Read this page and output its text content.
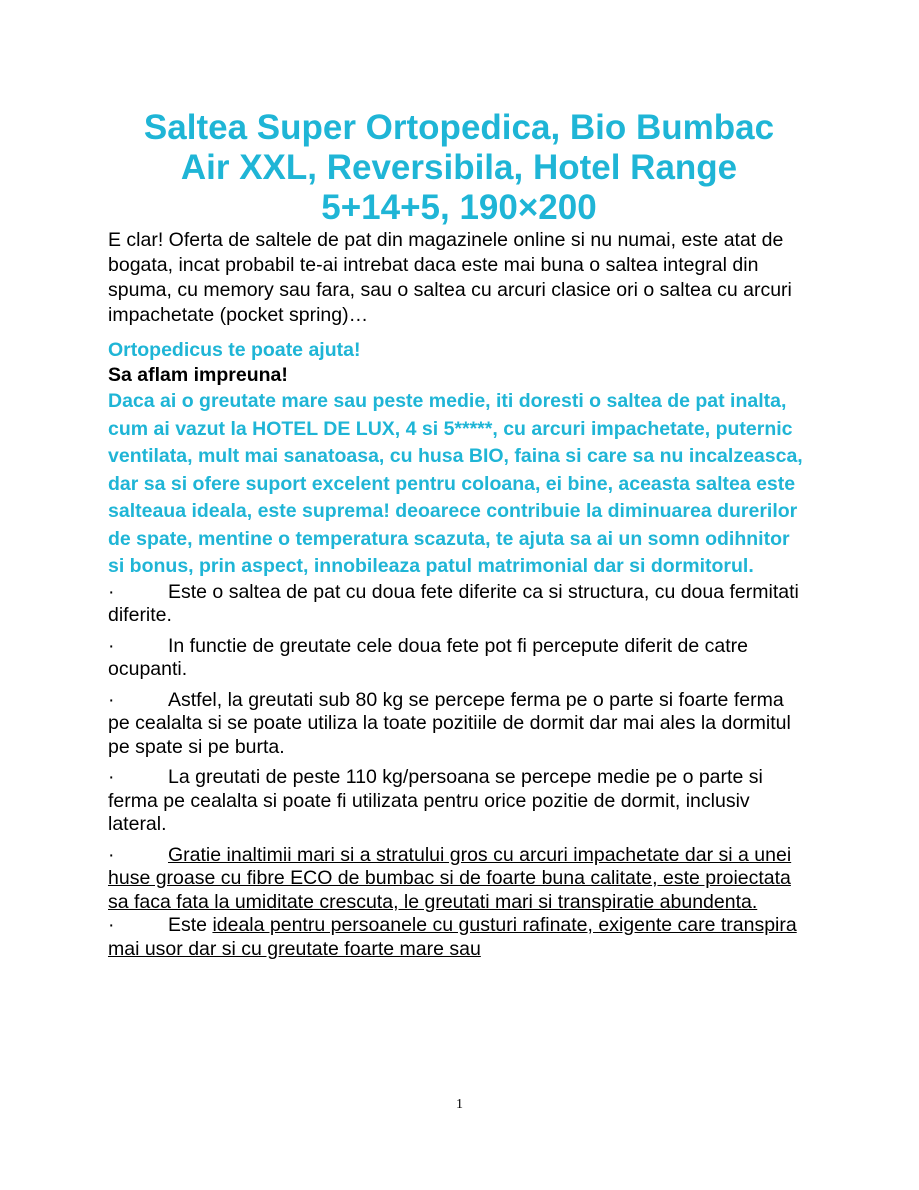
Saltea Super Ortopedica, Bio Bumbac
Air XXL, Reversibila, Hotel Range
5+14+5, 190×200

E clar! Oferta de saltele de pat din magazinele online si nu numai, este atat de bogata, incat probabil te-ai intrebat daca este mai buna o saltea integral din spuma, cu memory sau fara, sau o saltea cu arcuri clasice ori o saltea cu arcuri impachetate (pocket spring)…

Ortopedicus te poate ajuta!

Sa aflam impreuna!

Daca ai o greutate mare sau peste medie, iti doresti o saltea de pat inalta, cum ai vazut la HOTEL DE LUX, 4 si 5*****, cu arcuri impachetate, puternic ventilata, mult mai sanatoasa, cu husa BIO, faina si care sa nu incalzeasca, dar sa si ofere suport excelent pentru coloana, ei bine, aceasta saltea este salteaua ideala, este suprema! deoarece contribuie la diminuarea durerilor de spate, mentine o temperatura scazuta, te ajuta sa ai un somn odihnitor si bonus, prin aspect, innobileaza patul matrimonial dar si dormitorul.

·	Este o saltea de pat cu doua fete diferite ca si structura, cu doua fermitati diferite.
·	In functie de greutate cele doua fete pot fi percepute diferit de catre ocupanti.
·	Astfel, la greutati sub 80 kg se percepe ferma pe o parte si foarte ferma pe cealalta si se poate utiliza la toate pozitiile de dormit dar mai ales la dormitul pe spate si pe burta.
·	La greutati de peste 110 kg/persoana se percepe medie pe o parte si ferma pe cealalta si poate fi utilizata pentru orice pozitie de dormit, inclusiv lateral.
·	Gratie inaltimii mari si a stratului gros cu arcuri impachetate dar si a unei huse groase cu fibre ECO de bumbac si de foarte buna calitate, este proiectata sa faca fata la umiditate crescuta, le greutati mari si transpiratie abundenta.
·	Este ideala pentru persoanele cu gusturi rafinate, exigente care transpira mai usor dar si cu greutate foarte mare sau
1
